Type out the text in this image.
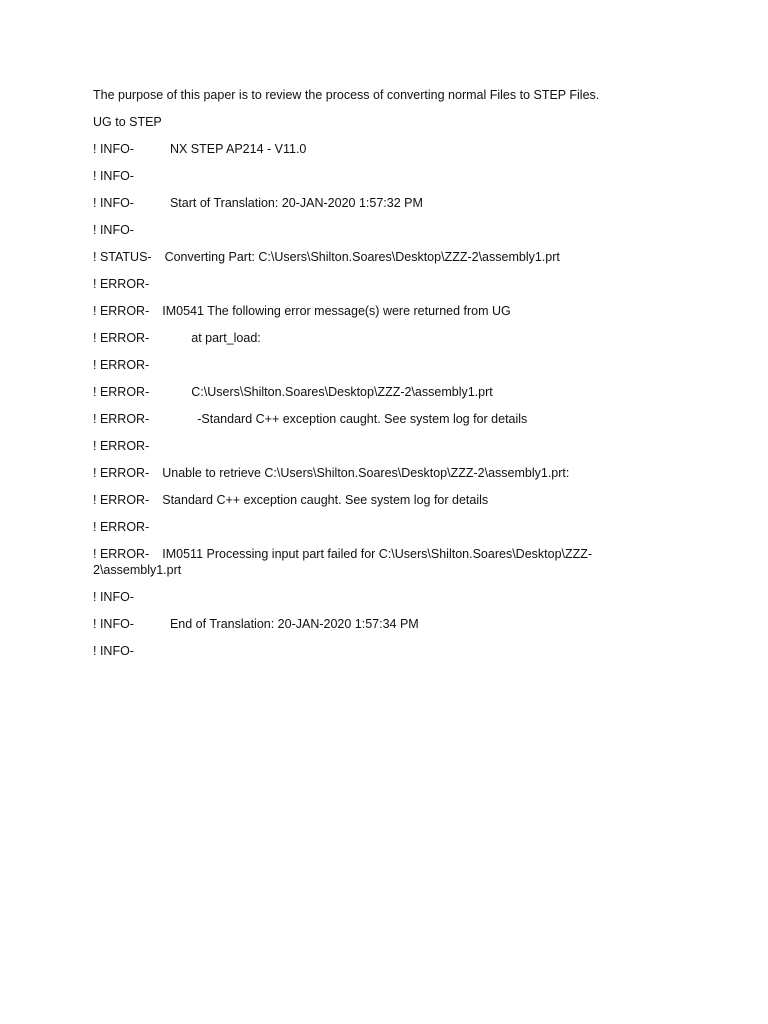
The purpose of this paper is to review the process of converting normal Files to STEP Files.

UG to STEP

! INFO-	NX STEP AP214 - V11.0

! INFO-

! INFO-	Start of Translation: 20-JAN-2020 1:57:32 PM

! INFO-

! STATUS- Converting Part: C:\Users\Shilton.Soares\Desktop\ZZZ-2\assembly1.prt

! ERROR-

! ERROR- IM0541 The following error message(s) were returned from UG

! ERROR-	at part_load:

! ERROR-

! ERROR-	C:\Users\Shilton.Soares\Desktop\ZZZ-2\assembly1.prt

! ERROR-	-Standard C++ exception caught. See system log for details

! ERROR-

! ERROR- Unable to retrieve C:\Users\Shilton.Soares\Desktop\ZZZ-2\assembly1.prt:

! ERROR- Standard C++ exception caught. See system log for details

! ERROR-

! ERROR- IM0511 Processing input part failed for C:\Users\Shilton.Soares\Desktop\ZZZ-2\assembly1.prt

! INFO-

! INFO-	End of Translation: 20-JAN-2020 1:57:34 PM

! INFO-
